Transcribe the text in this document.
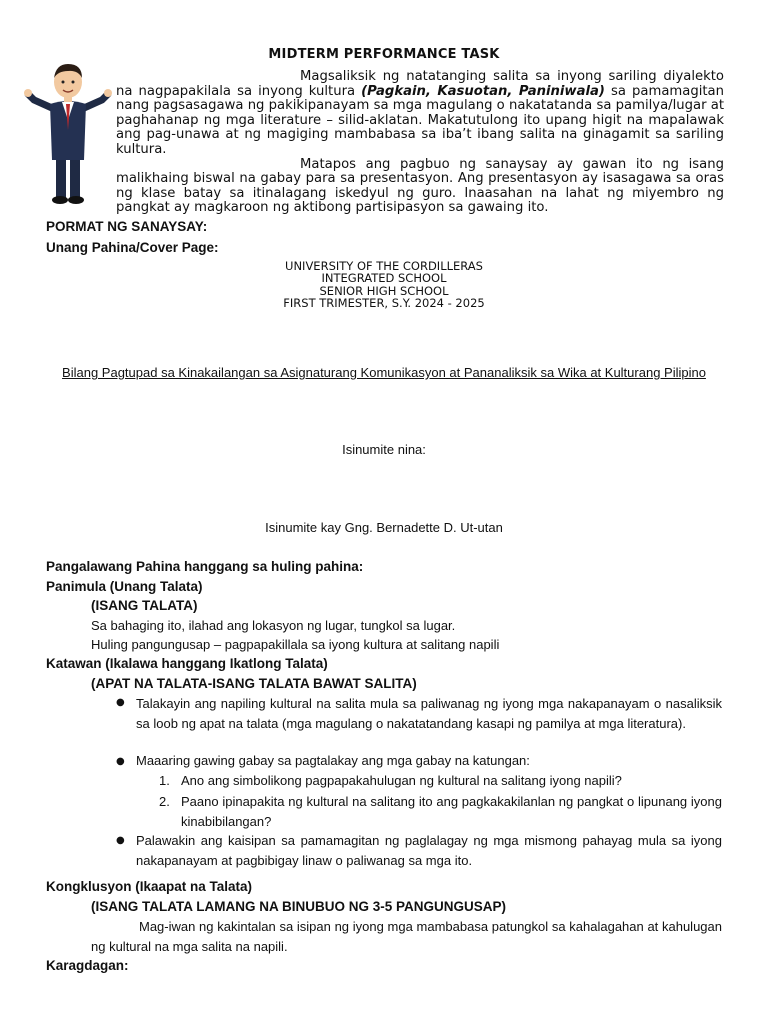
MIDTERM PERFORMANCE TASK

Magsaliksik ng natatanging salita sa inyong sariling diyalekto na nagpapakilala sa inyong kultura (Pagkain, Kasuotan, Paniniwala) sa pamamagitan nang pagsasagawa ng pakikipanayam sa mga magulang o nakatatanda sa pamilya/lugar at paghahanap ng mga literature – silid-aklatan. Makatutulong ito upang higit na mapalawak ang pag-unawa at ng magiging mambabasa sa iba’t ibang salita na ginagamit sa sariling kultura.

Matapos ang pagbuo ng sanaysay ay gawan ito ng isang malikhaing biswal na gabay para sa presentasyon. Ang presentasyon ay isasagawa sa oras ng klase batay sa itinalagang iskedyul ng guro. Inaasahan na lahat ng miyembro ng pangkat ay magkaroon ng aktibong partisipasyon sa gawaing ito.

PORMAT NG SANAYSAY:
Unang Pahina/Cover Page:
UNIVERSITY OF THE CORDILLERAS
INTEGRATED SCHOOL
SENIOR HIGH SCHOOL
FIRST TRIMESTER, S.Y. 2024 - 2025
Bilang Pagtupad sa Kinakailangan sa Asignaturang Komunikasyon at Pananaliksik sa Wika at Kulturang Pilipino
Isinumite nina:
Isinumite kay Gng. Bernadette D. Ut-utan
Pangalawang Pahina hanggang sa huling pahina:
Panimula (Unang Talata)
(ISANG TALATA)
Sa bahaging ito, ilahad ang lokasyon ng lugar, tungkol sa lugar.
Huling pangungusap – pagpapakillala sa iyong kultura at salitang napili
Katawan (Ikalawa hanggang Ikatlong Talata)
(APAT NA TALATA-ISANG TALATA BAWAT SALITA)
● Talakayin ang napiling kultural na salita mula sa paliwanag ng iyong mga nakapanayam o nasaliksik sa loob ng apat na talata (mga magulang o nakatatandang kasapi ng pamilya at mga literatura).
● Maaaring gawing gabay sa pagtalakay ang mga gabay na katungan:
1. Ano ang simbolikong pagpapakahulugan ng kultural na salitang iyong napili?
2. Paano ipinapakita ng kultural na salitang ito ang pagkakakilanlan ng pangkat o lipunang iyong kinabibilangan?
● Palawakin ang kaisipan sa pamamagitan ng paglalagay ng mga mismong pahayag mula sa iyong nakapanayam at pagbibigay linaw o paliwanag sa mga ito.
Kongklusyon (Ikaapat na Talata)
(ISANG TALATA LAMANG NA BINUBUO NG 3-5 PANGUNGUSAP)
Mag-iwan ng kakintalan sa isipan ng iyong mga mambabasa patungkol sa kahalagahan at kahulugan ng kultural na mga salita na napili.
Karagdagan:
